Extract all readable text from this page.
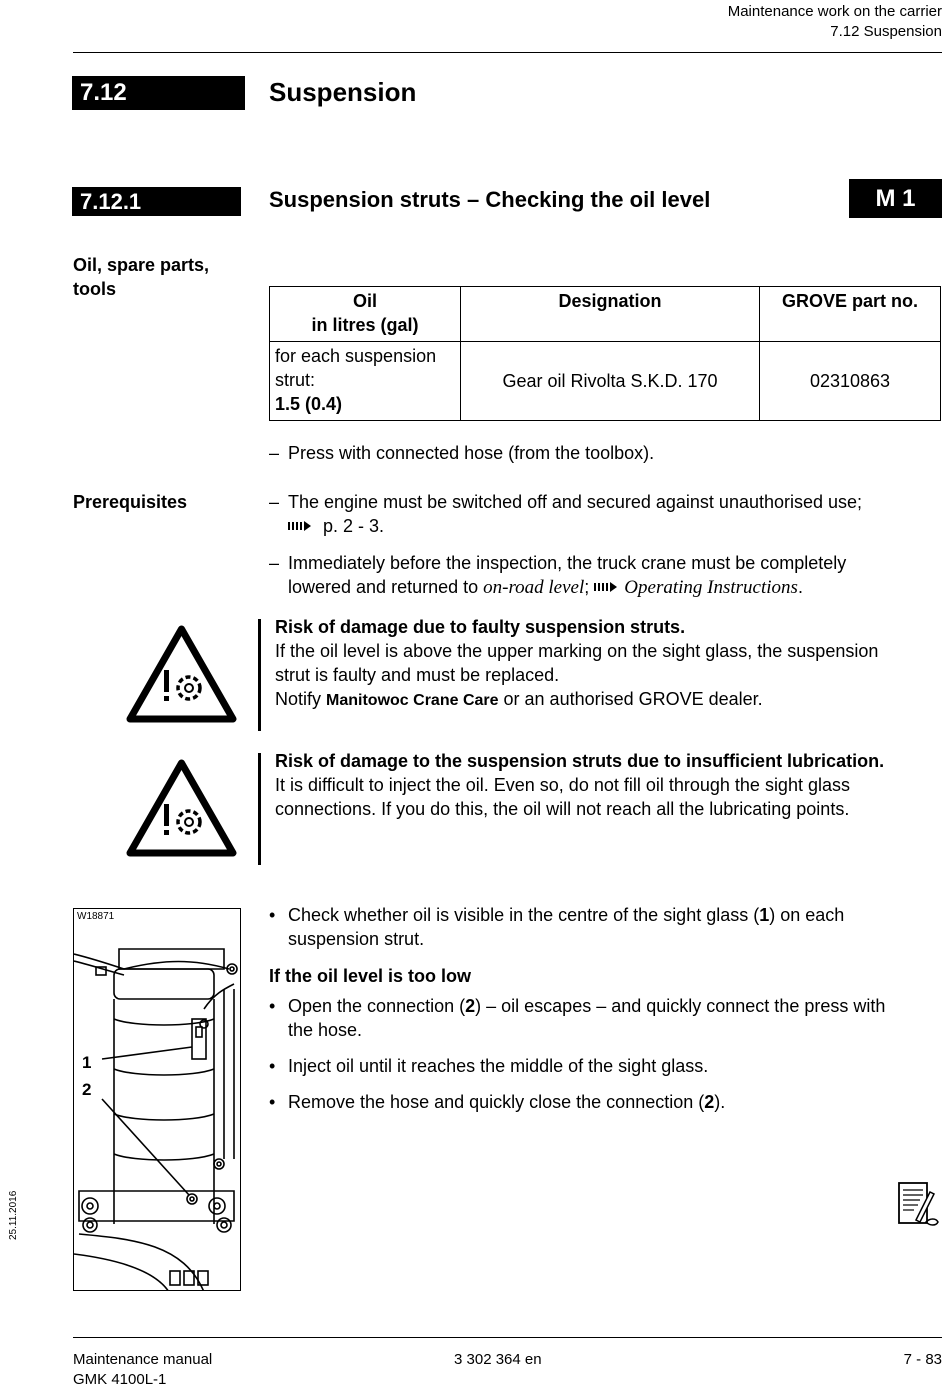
Maintenance work on the carrier
7.12 Suspension
7.12	Suspension
7.12.1	Suspension struts – Checking the oil level	M 1
Oil, spare parts,
tools
Oil
in litres (gal)	Designation	GROVE part no.

for each suspension
strut:
1.5 (0.4)	Gear oil Rivolta S.K.D. 170	02310863
– Press with connected hose (from the toolbox).
Prerequisites	– The engine must be switched off and secured against unauthorised use;
p. 2 - 3.
– Immediately before the inspection, the truck crane must be completely
lowered and returned to on-road level; Operating Instructions.
Risk of damage due to faulty suspension struts.
If the oil level is above the upper marking on the sight glass, the suspension
strut is faulty and must be replaced.
Notify Manitowoc Crane Care or an authorised GROVE dealer.
Risk of damage to the suspension struts due to insufficient lubrication.
It is difficult to inject the oil. Even so, do not fill oil through the sight glass
connections. If you do this, the oil will not reach all the lubricating points.
W18871
1
2
• Check whether oil is visible in the centre of the sight glass (1) on each
suspension strut.
If the oil level is too low
• Open the connection (2) – oil escapes – and quickly connect the press with
the hose.
• Inject oil until it reaches the middle of the sight glass.
• Remove the hose and quickly close the connection (2).
25.11.2016
Maintenance manual
GMK 4100L-1
3 302 364 en	7 - 83
